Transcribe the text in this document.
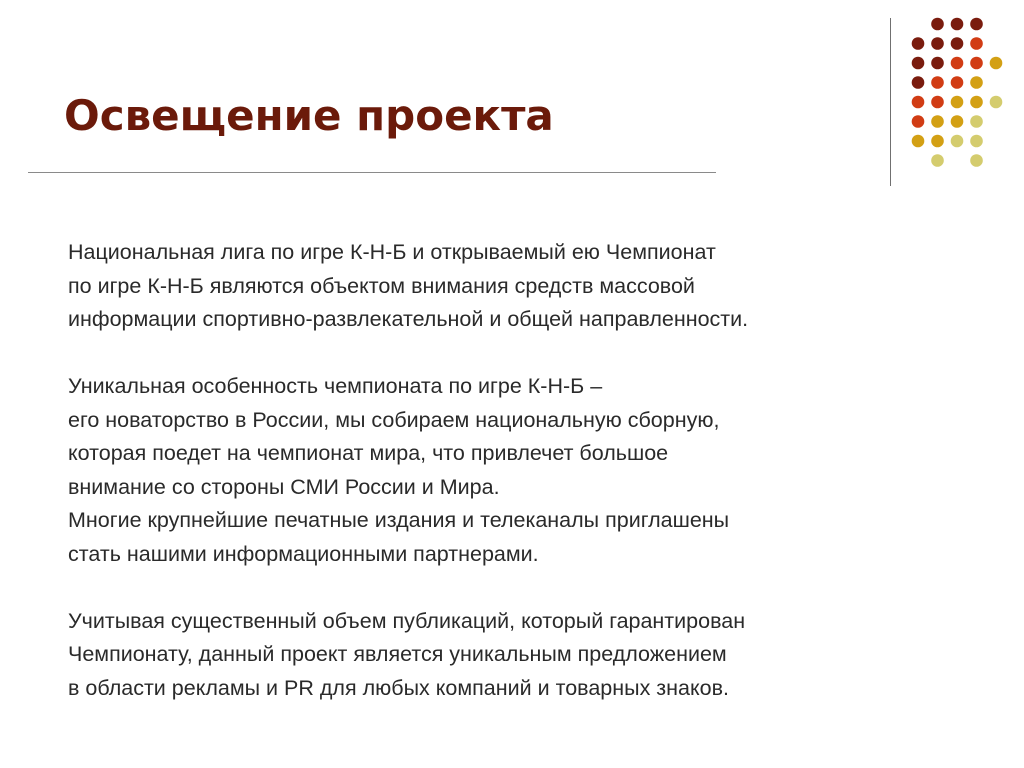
Освещение проекта

Национальная лига по игре К-Н-Б и открываемый ею Чемпионат
по игре К-Н-Б являются объектом внимания средств массовой
информации спортивно-развлекательной и общей направленности.

Уникальная особенность чемпионата по игре К-Н-Б –
его новаторство в России, мы собираем национальную сборную,
которая поедет на чемпионат мира, что привлечет большое
внимание со стороны СМИ России и Мира.
Многие крупнейшие печатные издания и телеканалы приглашены
стать нашими информационными партнерами.

Учитывая существенный объем публикаций, который гарантирован
Чемпионату, данный проект является уникальным предложением
в области рекламы и PR для любых компаний и товарных знаков.
